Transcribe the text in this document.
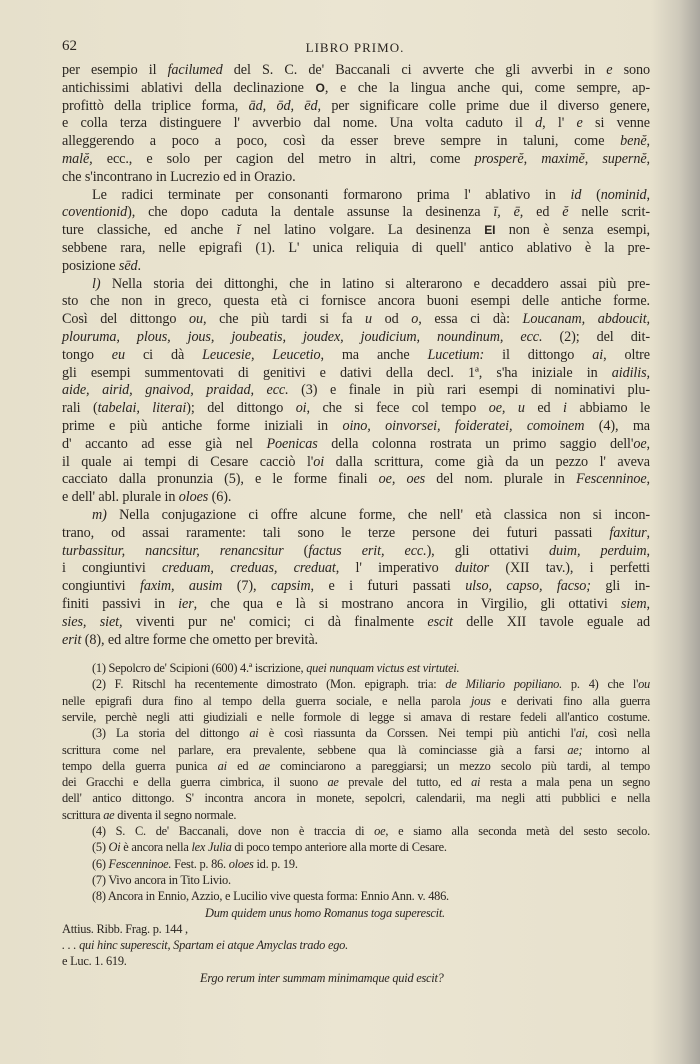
62	LIBRO PRIMO.
per esempio il facilumed del S. C. de' Baccanali ci avverte che gli avverbi in e sono
antichissimi ablativi della declinazione O, e che la lingua anche qui, come sempre, ap-
profittò della triplice forma, ād, ōd, ēd, per significare colle prime due il diverso genere,
e colla terza distinguere l' avverbio dal nome. Una volta caduto il d, l' e si venne
alleggerendo a poco a poco, così da esser breve sempre in taluni, come benĕ,
malĕ, ecc., e solo per cagion del metro in altri, come prosperĕ, maximĕ, supernĕ,
che s'incontrano in Lucrezio ed in Orazio.
Le radici terminate per consonanti formarono prima l' ablativo in id (nominid,
coventionid), che dopo caduta la dentale assunse la desinenza ī, ē, ed ĕ nelle scrit-
ture classiche, ed anche ĭ nel latino volgare. La desinenza EI non è senza esempi,
sebbene rara, nelle epigrafi (1). L' unica reliquia di quell' antico ablativo è la pre-
posizione sēd.
l) Nella storia dei dittonghi, che in latino si alterarono e decaddero assai più pre-
sto che non in greco, questa età ci fornisce ancora buoni esempi delle antiche forme.
Così del dittongo ou, che più tardi si fa u od o, essa ci dà: Loucanam, abdoucit,
plouruma, plous, jous, joubeatis, joudex, joudicium, noundinum, ecc. (2); del dit-
tongo eu ci dà Leucesie, Leucetio, ma anche Lucetium: il dittongo ai, oltre
gli esempi summentovati di genitivi e dativi della decl. 1ª, s'ha iniziale in aidilis,
aide, airid, gnaivod, praidad, ecc. (3) e finale in più rari esempi di nominativi plu-
rali (tabelai, literai); del dittongo oi, che si fece col tempo oe, u ed i abbiamo le
prime e più antiche forme iniziali in oino, oinvorsei, foideratei, comoinem (4), ma
d' accanto ad esse già nel Poenicas della colonna rostrata un primo saggio dell'oe,
il quale ai tempi di Cesare cacciò l'oi dalla scrittura, come già da un pezzo l' aveva
cacciato dalla pronunzia (5), e le forme finali oe, oes del nom. plurale in Fescenninoe,
e dell' abl. plurale in oloes (6).
m) Nella conjugazione ci offre alcune forme, che nell' età classica non si incon-
trano, od assai raramente: tali sono le terze persone dei futuri passati faxitur,
turbassitur, nancsitur, renancsitur (factus erit, ecc.), gli ottativi duim, perduim,
i congiuntivi creduam, creduas, creduat, l' imperativo duitor (XII tav.), i perfetti
congiuntivi faxim, ausim (7), capsim, e i futuri passati ulso, capso, facso; gli in-
finiti passivi in ier, che qua e là si mostrano ancora in Virgilio, gli ottativi siem,
sies, siet, viventi pur ne' comici; ci dà finalmente escit delle XII tavole eguale ad
erit (8), ed altre forme che ometto per brevità.
(1) Sepolcro de' Scipioni (600) 4.ª iscrizione, quei nunquam victus est virtutei.
(2) F. Ritschl ha recentemente dimostrato (Mon. epigraph. tria: de Miliario popiliano. p. 4) che l'ou
nelle epigrafi dura fino al tempo della guerra sociale, e nella parola jous e derivati fino alla guerra
servile, perchè negli atti giudiziali e nelle formole di legge si amava di restare fedeli all'antico costume.
(3) La storia del dittongo ai è così riassunta da Corssen. Nei tempi più antichi l'ai, così nella
scrittura come nel parlare, era prevalente, sebbene qua là cominciasse già a farsi ae; intorno al
tempo della guerra punica ai ed ae cominciarono a pareggiarsi; un mezzo secolo più tardi, al tempo
dei Gracchi e della guerra cimbrica, il suono ae prevale del tutto, ed ai resta a mala pena un segno
dell' antico dittongo. S' incontra ancora in monete, sepolcri, calendarii, ma negli atti pubblici e nella
scrittura ae diventa il segno normale.
(4) S. C. de' Baccanali, dove non è traccia di oe, e siamo alla seconda metà del sesto secolo.
(5) Oi è ancora nella lex Julia di poco tempo anteriore alla morte di Cesare.
(6) Fescenninoe. Fest. p. 86. oloes id. p. 19.
(7) Vivo ancora in Tito Livio.
(8) Ancora in Ennio, Azzio, e Lucilio vive questa forma: Ennio Ann. v. 486.
Dum quidem unus homo Romanus toga superescit.
Attius. Ribb. Frag. p. 144 ,
. . . qui hinc superescit, Spartam ei atque Amyclas trado ego.
e Luc. 1. 619.
Ergo rerum inter summam minimamque quid escit?
